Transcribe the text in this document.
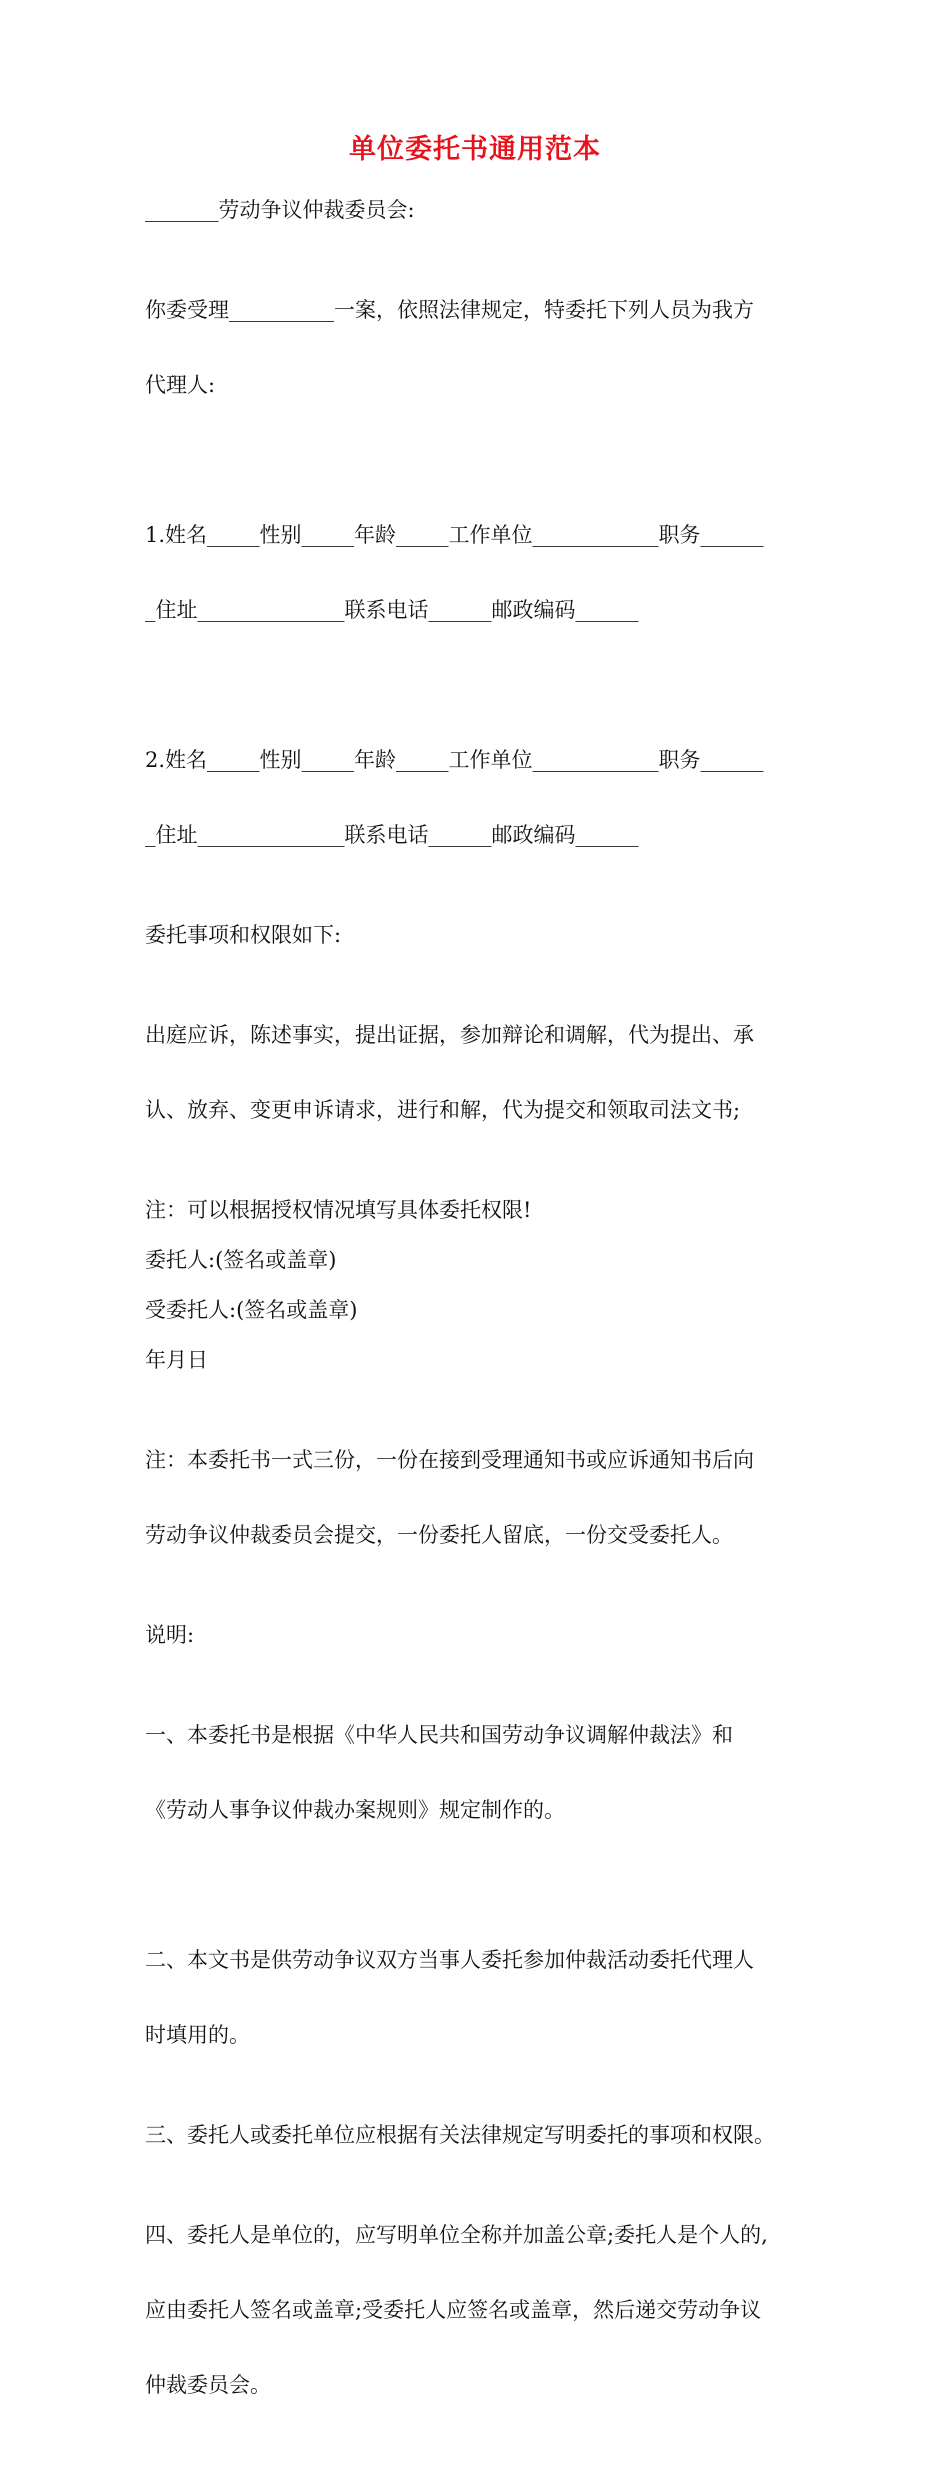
单位委托书通用范本

_______劳动争议仲裁委员会:

你委受理__________一案，依照法律规定，特委托下列人员为我方

代理人:

1.姓名_____性别_____年龄_____工作单位____________职务______

_住址______________联系电话______邮政编码______

2.姓名_____性别_____年龄_____工作单位____________职务______

_住址______________联系电话______邮政编码______

委托事项和权限如下:

出庭应诉，陈述事实，提出证据，参加辩论和调解，代为提出、承

认、放弃、变更申诉请求，进行和解，代为提交和领取司法文书;

注：可以根据授权情况填写具体委托权限!

委托人:(签名或盖章)

受委托人:(签名或盖章)

年月日

注：本委托书一式三份，一份在接到受理通知书或应诉通知书后向

劳动争议仲裁委员会提交，一份委托人留底，一份交受委托人。

说明:

一、本委托书是根据《中华人民共和国劳动争议调解仲裁法》和

《劳动人事争议仲裁办案规则》规定制作的。

二、本文书是供劳动争议双方当事人委托参加仲裁活动委托代理人

时填用的。

三、委托人或委托单位应根据有关法律规定写明委托的事项和权限。

四、委托人是单位的，应写明单位全称并加盖公章;委托人是个人的,

应由委托人签名或盖章;受委托人应签名或盖章，然后递交劳动争议

仲裁委员会。
